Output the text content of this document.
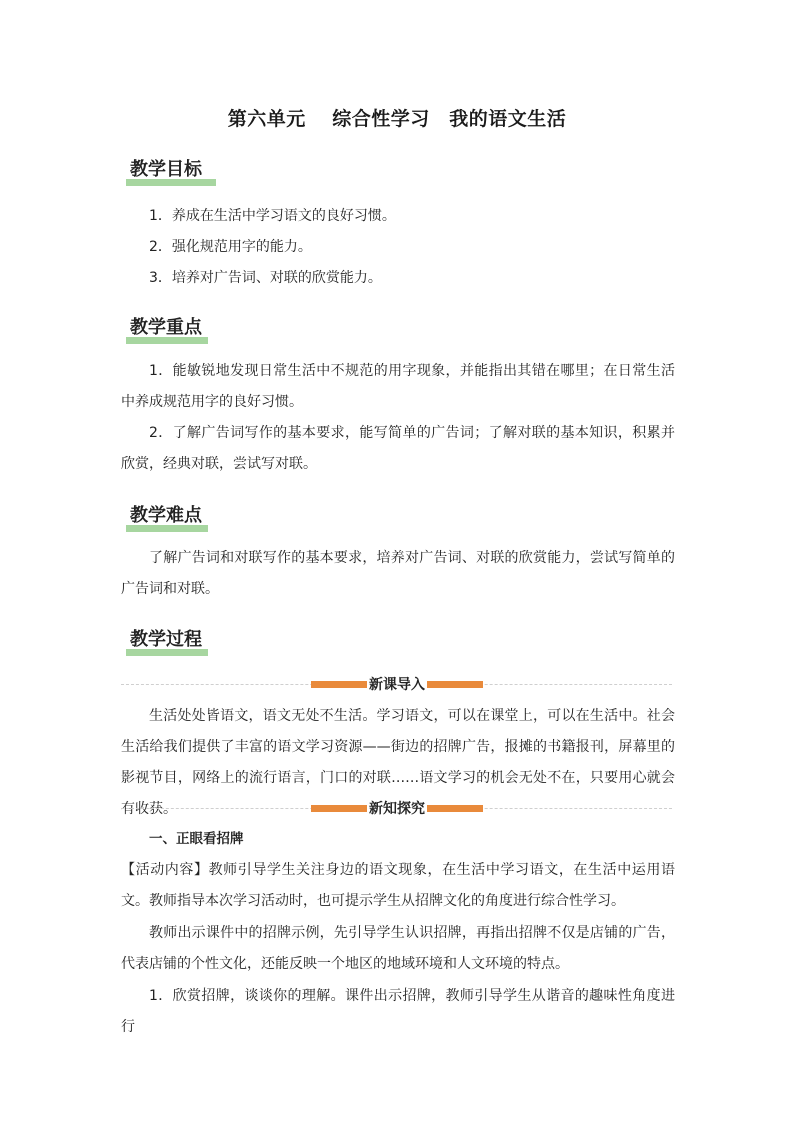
第六单元　 综合性学习　我的语文生活
教学目标
1．养成在生活中学习语文的良好习惯。
2．强化规范用字的能力。
3．培养对广告词、对联的欣赏能力。
教学重点
1．能敏锐地发现日常生活中不规范的用字现象，并能指出其错在哪里；在日常生活中养成规范用字的良好习惯。
2．了解广告词写作的基本要求，能写简单的广告词；了解对联的基本知识，积累并欣赏，经典对联，尝试写对联。
教学难点
了解广告词和对联写作的基本要求，培养对广告词、对联的欣赏能力，尝试写简单的广告词和对联。
教学过程
新课导入
生活处处皆语文，语文无处不生活。学习语文，可以在课堂上，可以在生活中。社会生活给我们提供了丰富的语文学习资源——街边的招牌广告，报摊的书籍报刊，屏幕里的影视节目，网络上的流行语言，门口的对联……语文学习的机会无处不在，只要用心就会有收获。	新知探究
一、正眼看招牌
【活动内容】教师引导学生关注身边的语文现象，在生活中学习语文，在生活中运用语文。教师指导本次学习活动时，也可提示学生从招牌文化的角度进行综合性学习。
教师出示课件中的招牌示例，先引导学生认识招牌，再指出招牌不仅是店铺的广告，代表店铺的个性文化，还能反映一个地区的地域环境和人文环境的特点。
1．欣赏招牌，谈谈你的理解。课件出示招牌，教师引导学生从谐音的趣味性角度进行
